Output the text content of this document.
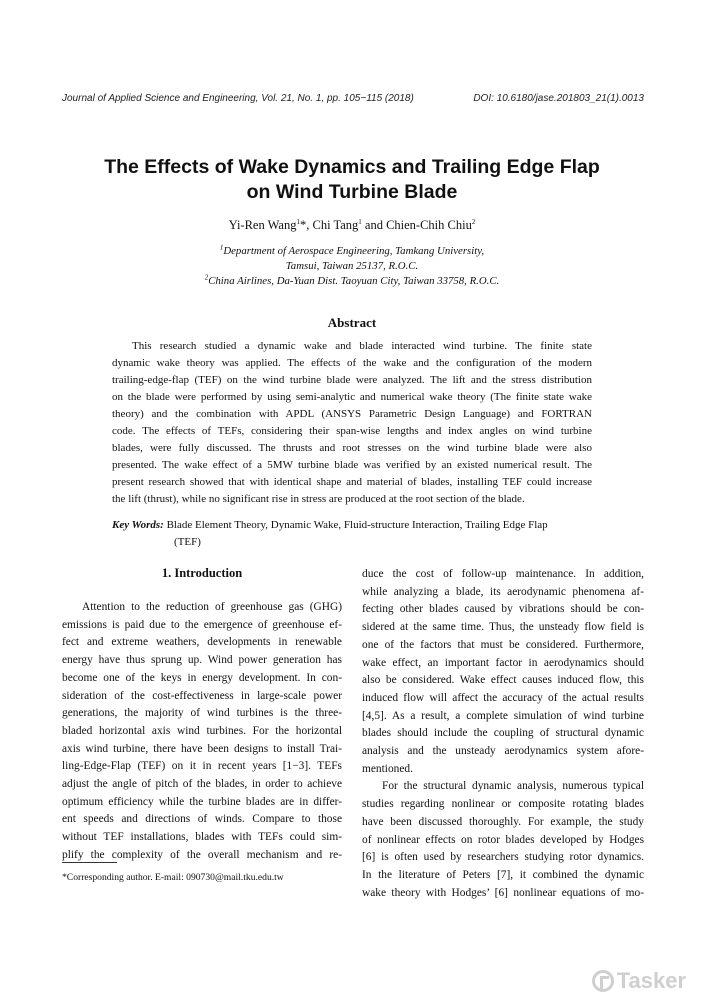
Journal of Applied Science and Engineering, Vol. 21, No. 1, pp. 105−115 (2018)	DOI: 10.6180/jase.201803_21(1).0013
The Effects of Wake Dynamics and Trailing Edge Flap
on Wind Turbine Blade
Yi-Ren Wang$^1$*, Chi Tang$^1$ and Chien-Chih Chiu$^2$
$^1$Department of Aerospace Engineering, Tamkang University,
Tamsui, Taiwan 25137, R.O.C.
$^2$China Airlines, Da-Yuan Dist. Taoyuan City, Taiwan 33758, R.O.C.
Abstract
This research studied a dynamic wake and blade interacted wind turbine. The finite state
dynamic wake theory was applied. The effects of the wake and the configuration of the modern
trailing-edge-flap (TEF) on the wind turbine blade were analyzed. The lift and the stress distribution
on the blade were performed by using semi-analytic and numerical wake theory (The finite state wake
theory) and the combination with APDL (ANSYS Parametric Design Language) and FORTRAN
code. The effects of TEFs, considering their span-wise lengths and index angles on wind turbine
blades, were fully discussed. The thrusts and root stresses on the wind turbine blade were also
presented. The wake effect of a 5MW turbine blade was verified by an existed numerical result. The
present research showed that with identical shape and material of blades, installing TEF could increase
the lift (thrust), while no significant rise in stress are produced at the root section of the blade.
Key Words: Blade Element Theory, Dynamic Wake, Fluid-structure Interaction, Trailing Edge Flap
(TEF)
1. Introduction
Attention to the reduction of greenhouse gas (GHG)
emissions is paid due to the emergence of greenhouse ef-
fect and extreme weathers, developments in renewable
energy have thus sprung up. Wind power generation has
become one of the keys in energy development. In con-
sideration of the cost-effectiveness in large-scale power
generations, the majority of wind turbines is the three-
bladed horizontal axis wind turbines. For the horizontal
axis wind turbine, there have been designs to install Trai-
ling-Edge-Flap (TEF) on it in recent years [1−3]. TEFs
adjust the angle of pitch of the blades, in order to achieve
optimum efficiency while the turbine blades are in differ-
ent speeds and directions of winds. Compare to those
without TEF installations, blades with TEFs could sim-
plify the complexity of the overall mechanism and re-
duce the cost of follow-up maintenance. In addition,
while analyzing a blade, its aerodynamic phenomena af-
fecting other blades caused by vibrations should be con-
sidered at the same time. Thus, the unsteady flow field is
one of the factors that must be considered. Furthermore,
wake effect, an important factor in aerodynamics should
also be considered. Wake effect causes induced flow, this
induced flow will affect the accuracy of the actual results
[4,5]. As a result, a complete simulation of wind turbine
blades should include the coupling of structural dynamic
analysis and the unsteady aerodynamics system afore-
mentioned.
For the structural dynamic analysis, numerous typical
studies regarding nonlinear or composite rotating blades
have been discussed thoroughly. For example, the study
of nonlinear effects on rotor blades developed by Hodges
[6] is often used by researchers studying rotor dynamics.
In the literature of Peters [7], it combined the dynamic
wake theory with Hodges’ [6] nonlinear equations of mo-
*Corresponding author. E-mail: 090730@mail.tku.edu.tw
Tasker
